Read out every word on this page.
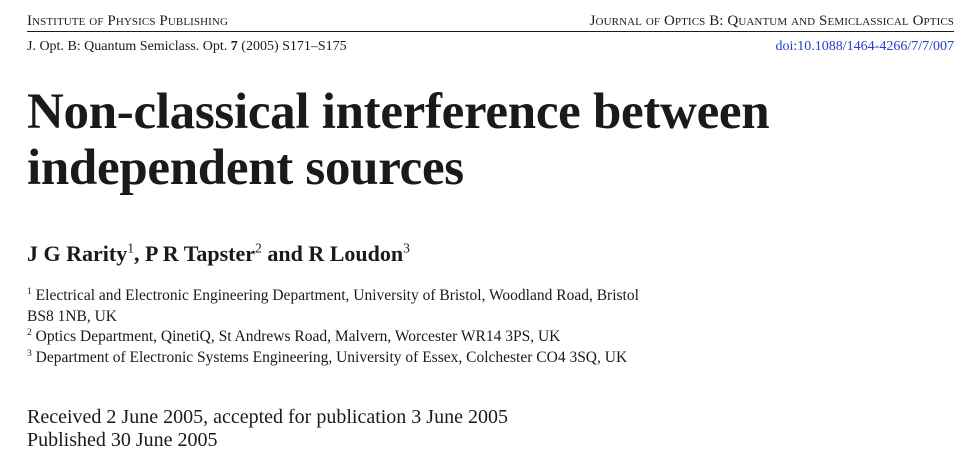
Institute of Physics Publishing	Journal of Optics B: Quantum and Semiclassical Optics
J. Opt. B: Quantum Semiclass. Opt. 7 (2005) S171–S175	doi:10.1088/1464-4266/7/7/007
Non-classical interference between
independent sources
J G Rarity$^1$, P R Tapster$^2$ and R Loudon$^3$

$^1$ Electrical and Electronic Engineering Department, University of Bristol, Woodland Road, Bristol BS8 1NB, UK

$^2$ Optics Department, QinetiQ, St Andrews Road, Malvern, Worcester WR14 3PS, UK

$^3$ Department of Electronic Systems Engineering, University of Essex, Colchester CO4 3SQ, UK

Received 2 June 2005, accepted for publication 3 June 2005
Published 30 June 2005
